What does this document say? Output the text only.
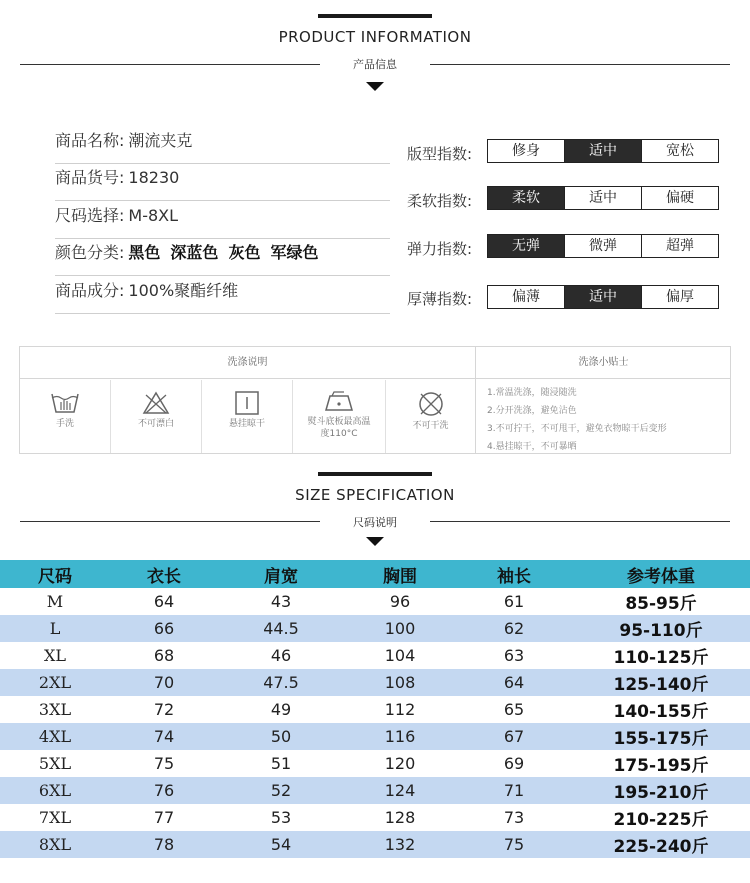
PRODUCT INFORMATION
产品信息
商品名称: 潮流夹克
商品货号: 18230
尺码选择: M-8XL
颜色分类: 黑色 深蓝色 灰色 军绿色
商品成分: 100%聚酯纤维
版型指数:	修身	适中	宽松
柔软指数:	柔软	适中	偏硬
弹力指数:	无弹	微弹	超弹
厚薄指数:	偏薄	适中	偏厚
洗涤说明	洗涤小贴士
手洗	不可漂白	悬挂晾干	熨斗底板最高温度110°C
不可干洗
1.常温洗涤，随浸随洗
2.分开洗涤，避免沾色
3.不可拧干，不可甩干，避免衣物晾干后变形
4.悬挂晾干，不可暴晒
SIZE SPECIFICATION
尺码说明
尺码	衣长	肩宽	胸围	袖长	参考体重
M	64	43	96	61	85-95斤
L	66	44.5	100	62	95-110斤
XL	68	46	104	63	110-125斤
2XL	70	47.5	108	64	125-140斤
3XL	72	49	112	65	140-155斤
4XL	74	50	116	67	155-175斤
5XL	75	51	120	69	175-195斤
6XL	76	52	124	71	195-210斤
7XL	77	53	128	73	210-225斤
8XL	78	54	132	75	225-240斤
